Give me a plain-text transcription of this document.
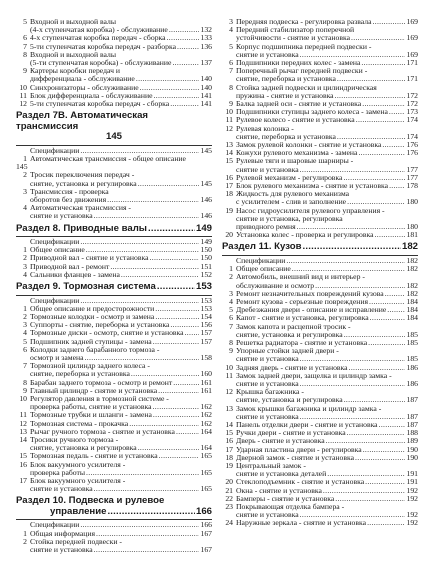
5 Входной и выходной валы
(4-х ступенчатая коробка) - обслуживание .....	132
6 4-х ступенчатая коробка передач - сборка .....	133
7 5-ти ступенчатая коробка передач - разборка .....	136
8 Входной и выходной валы
(5-ти ступенчатая коробка) - обслуживание .....	137
9 Картеры коробки передач и
дифференциала - обслуживание .....	140
10 Синхронизаторы - обслуживание .....	140
11 Блок дифференциала - обслуживание .....	141
12 5-ти ступенчатая коробка передач - сборка .....	141
Раздел 7В. Автоматическая трансмиссия
145
Спецификации .....	145
1 Автоматическая трансмиссия - общее описание
145
2 Тросик переключения передач -
снятие, установка и регулировка .....	145
3 Трансмиссия - проверка
оборотов без движения .....	146
4 Автоматическая трансмиссия -
снятие и установка .....	146
Раздел 8. Приводные валы .....	149
Спецификации .....	149
1 Общее описание .....	150
2 Приводной вал - снятие и установка .....	150
3 Приводной вал - ремонт .....	151
4 Сальники фланцев - замена .....	152
Раздел 9. Тормозная система .....	153
Спецификации .....	153
1 Общее описание и предосторожности .....	153
2 Тормозные колодки - осмотр и замена .....	154
3 Суппорты - снятие, переборка и установка .....	156
4 Тормозные диски - осмотр, снятие и установка ..... 157
5 Подшипник задней ступицы - замена .....	157
6 Колодки заднего барабанного тормоза -
осмотр и замена .....	158
7 Тормозной цилиндр заднего колеса -
снятие, переборка и установка .....	160
8 Барабан заднего тормоза - осмотр и ремонт .....	161
9 Главный цилиндр - снятие и установка .....	161
10 Регулятор давления в тормозной системе -
проверка работы, снятие и установка .....	162
11 Тормозные трубки и шланги - замена .....	162
12 Тормозная система - прокачка .....	162
13 Рычаг ручного тормоза - снятие и установка .....	164
14 Тросики ручного тормоза -
снятие, установка и регулировка .....	164
15 Тормозная педаль - снятие и установка .....	165
16 Блок вакуумного усилителя -
проверка работы .....	165
17 Блок вакуумного усилителя -
снятие и установка .....	165
Раздел 10. Подвеска и рулевое
управление .....	166
Спецификации .....	166
1 Общая информация .....	167
2 Стойка передней подвески -
снятие и установка .....	167
3 Передняя подвеска - регулировка развала .....	169
4 Передний стабилизатор поперечной
устойчивости - снятие и установка .....	169
5 Корпус подшипника передней подвески -
снятие и установка .....	169
6 Подшипники передних колес - замена .....	171
7 Поперечный рычаг передней подвески -
снятие, переборка и установка .....	171
8 Стойка задней подвески и цилиндрическая
пружина - снятие и установка .....	172
9 Балка задней оси - снятие и установка .....	172
10 Подшипники ступицы заднего колеса - замена ..... 173
11 Рулевое колесо - снятие и установка .....	174
12 Рулевая колонка -
снятие, переборка и установка .....	174
13 Замок рулевой колонки - снятие и установка .....	176
14 Кожухи рулевого механизма - замена .....	176
15 Рулевые тяги и шаровые шарниры -
снятие и установка .....	177
16 Рулевой механизм - регулировка .....	177
17 Блок рулевого механизма - снятие и установка ..... 178
18 Жидкость для рулевого механизма
с усилителем - слив и заполнение .....	180
19 Насос гидроусилителя рулевого управления -
снятие и установка, регулировка
приводного ремня .....	180
20 Установка колес - проверка и регулировка .....	181
Раздел 11. Кузов .....	182
Спецификации .....	182
1 Общее описание .....	182
2 Автомобиль, внешний вид и интерьер -
обслуживание и осмотр .....	182
3 Ремонт незначительных повреждений кузова .....	182
4 Ремонт кузова - серьезные повреждения .....	184
5 Дребезжания двери - описание и исправление .....	184
6 Капот - снятие и установка, регулировка .....	184
7 Замок капота и расцепной тросик -
снятие, установка и регулировка .....	185
8 Решетка радиатора - снятие и установка .....	185
9 Упорные стойки задней двери -
снятие и установка .....	185
10 Задняя дверь - снятие и установка .....	186
11 Замок задней двери, защелка и цилиндр замка -
снятие и установка .....	186
12 Крышка багажника -
снятие, установка и регулировка .....	187
13 Замок крышки багажника и цилиндр замка -
снятие и установка .....	187
14 Панель отделки двери - снятие и установка .....	187
15 Ручки двери - снятие и установка .....	188
16 Дверь - снятие и установка .....	189
17 Ударная пластина двери - регулировка .....	190
18 Дверной замок - снятие и установка .....	190
19 Центральный замок -
снятие и установка деталей .....	191
20 Стеклоподъемник - снятие и установка .....	191
21 Окна - снятие и установка .....	192
22 Бамперы - снятие и установка .....	192
23 Покрывающая отделка бампера -
снятие и установка .....	192
24 Наружные зеркала - снятие и установка .....	192
